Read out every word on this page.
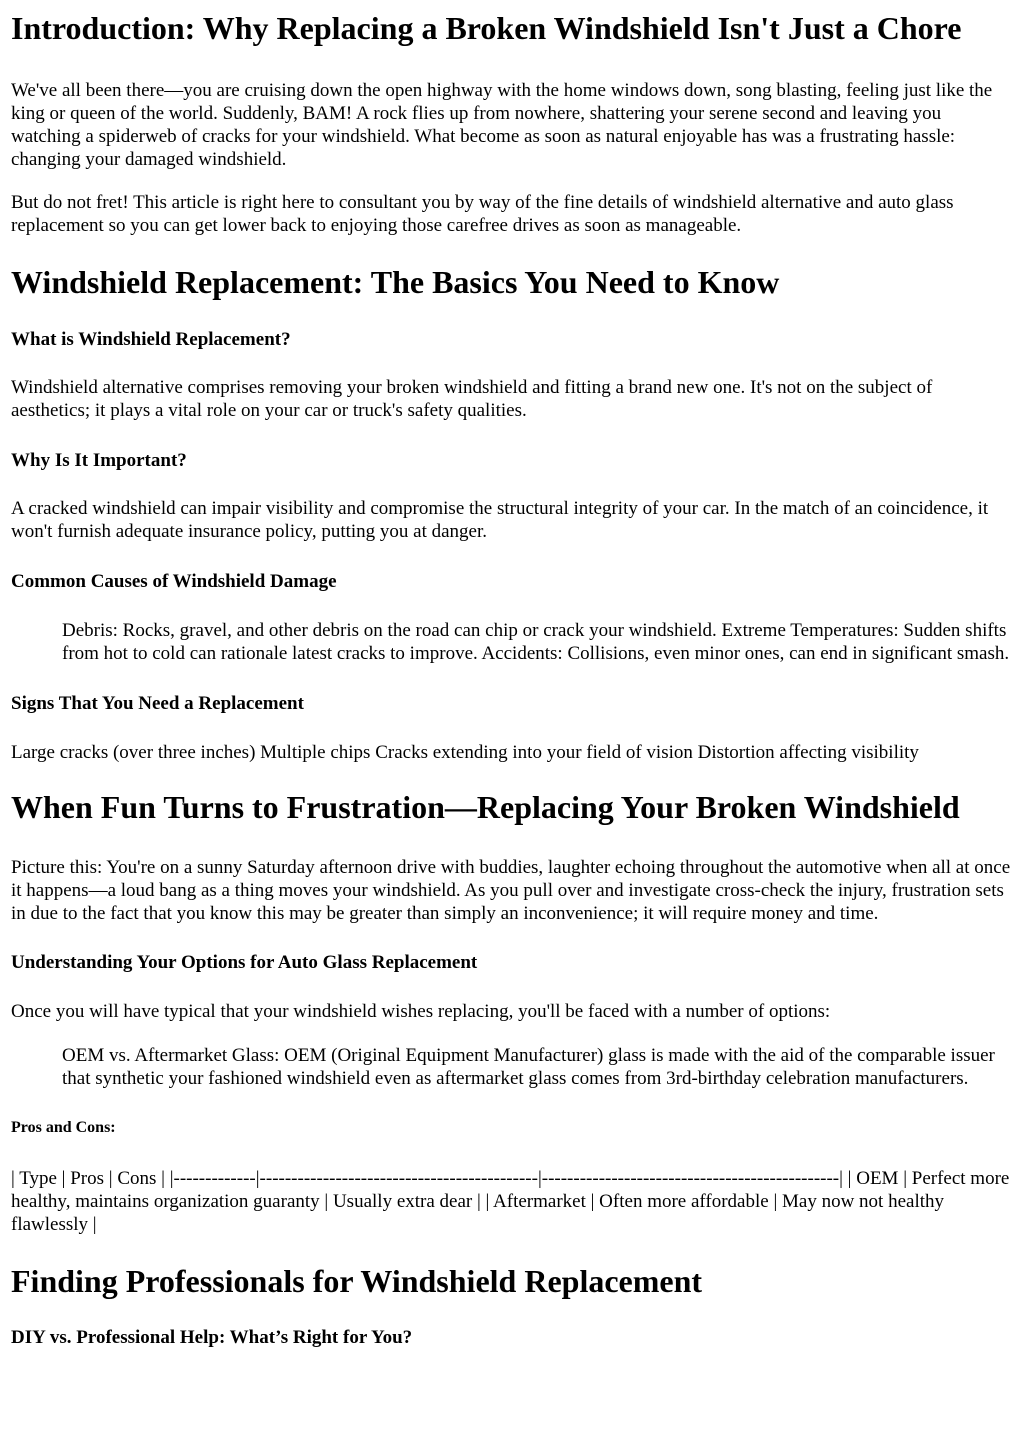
Introduction: Why Replacing a Broken Windshield Isn't Just a Chore

We've all been there—you are cruising down the open highway with the home windows down, song blasting, feeling just like the king or queen of the world. Suddenly, BAM! A rock flies up from nowhere, shattering your serene second and leaving you watching a spiderweb of cracks for your windshield. What become as soon as natural enjoyable has was a frustrating hassle: changing your damaged windshield.

But do not fret! This article is right here to consultant you by way of the fine details of windshield alternative and auto glass replacement so you can get lower back to enjoying those carefree drives as soon as manageable.

Windshield Replacement: The Basics You Need to Know
What is Windshield Replacement?

Windshield alternative comprises removing your broken windshield and fitting a brand new one. It's not on the subject of aesthetics; it plays a vital role on your car or truck's safety qualities.

Why Is It Important?

A cracked windshield can impair visibility and compromise the structural integrity of your car. In the match of an coincidence, it won't furnish adequate insurance policy, putting you at danger.

Common Causes of Windshield Damage
Debris: Rocks, gravel, and other debris on the road can chip or crack your windshield. Extreme Temperatures: Sudden shifts from hot to cold can rationale latest cracks to improve. Accidents: Collisions, even minor ones, can end in significant smash.
Signs That You Need a Replacement

Large cracks (over three inches) Multiple chips Cracks extending into your field of vision Distortion affecting visibility

When Fun Turns to Frustration—Replacing Your Broken Windshield

Picture this: You're on a sunny Saturday afternoon drive with buddies, laughter echoing throughout the automotive when all at once it happens—a loud bang as a thing moves your windshield. As you pull over and investigate cross-check the injury, frustration sets in due to the fact that you know this may be greater than simply an inconvenience; it will require money and time.

Understanding Your Options for Auto Glass Replacement

Once you will have typical that your windshield wishes replacing, you'll be faced with a number of options:

OEM vs. Aftermarket Glass: OEM (Original Equipment Manufacturer) glass is made with the aid of the comparable issuer that synthetic your fashioned windshield even as aftermarket glass comes from 3rd-birthday celebration manufacturers.
Pros and Cons:

| Type | Pros | Cons | |-------------|--------------------------------------------|-----------------------------------------------| | OEM | Perfect more healthy, maintains organization guaranty | Usually extra dear | | Aftermarket | Often more affordable | May now not healthy flawlessly |

Finding Professionals for Windshield Replacement
DIY vs. Professional Help: What’s Right for You?
